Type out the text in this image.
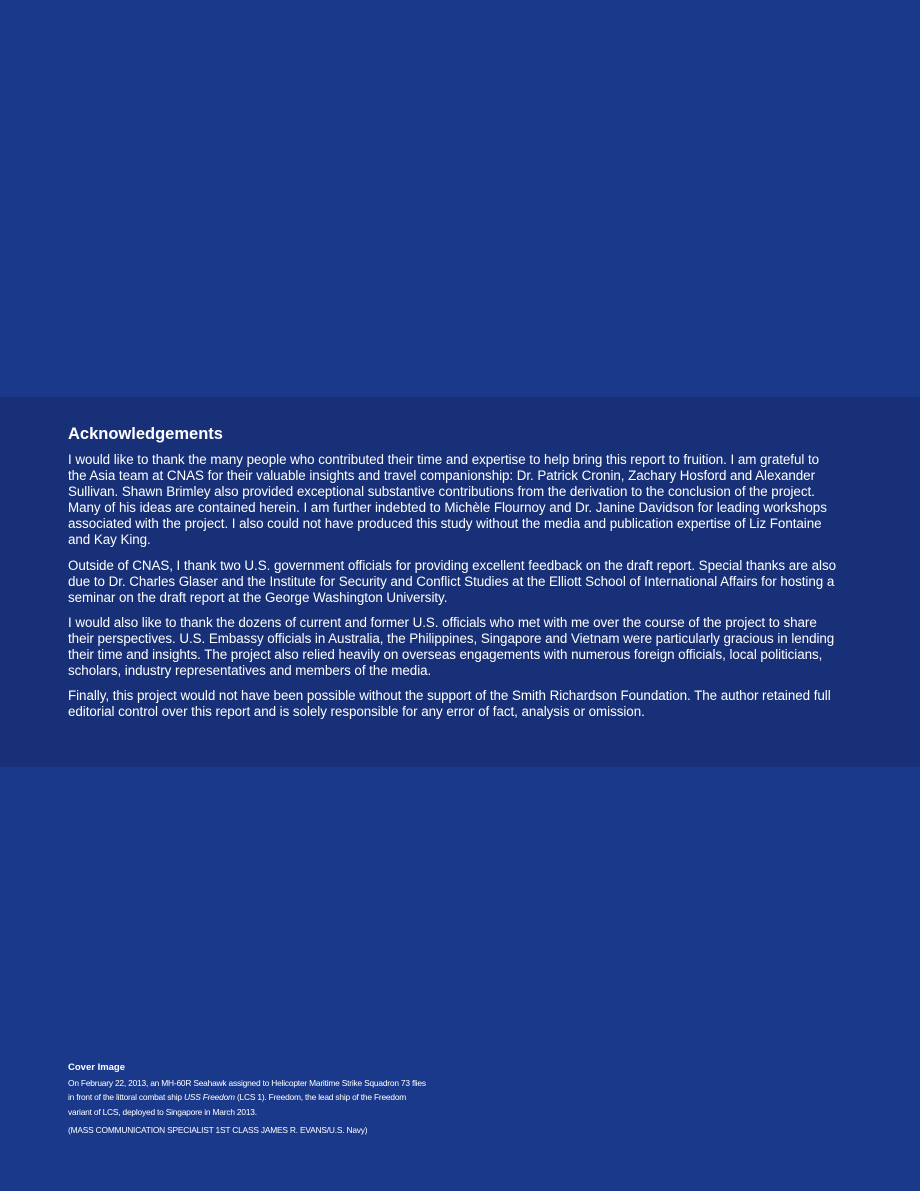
Acknowledgements

I would like to thank the many people who contributed their time and expertise to help bring this report to fruition. I am grateful to the Asia team at CNAS for their valuable insights and travel companionship: Dr. Patrick Cronin, Zachary Hosford and Alexander Sullivan. Shawn Brimley also provided exceptional substantive contributions from the derivation to the conclusion of the project. Many of his ideas are contained herein. I am further indebted to Michèle Flournoy and Dr. Janine Davidson for leading workshops associated with the project. I also could not have produced this study without the media and publication expertise of Liz Fontaine and Kay King.

Outside of CNAS, I thank two U.S. government officials for providing excellent feedback on the draft report. Special thanks are also due to Dr. Charles Glaser and the Institute for Security and Conflict Studies at the Elliott School of International Affairs for hosting a seminar on the draft report at the George Washington University.

I would also like to thank the dozens of current and former U.S. officials who met with me over the course of the project to share their perspectives. U.S. Embassy officials in Australia, the Philippines, Singapore and Vietnam were particularly gracious in lending their time and insights. The project also relied heavily on overseas engagements with numerous foreign officials, local politicians, scholars, industry representatives and members of the media.

Finally, this project would not have been possible without the support of the Smith Richardson Foundation. The author retained full editorial control over this report and is solely responsible for any error of fact, analysis or omission.

Cover Image

On February 22, 2013, an MH-60R Seahawk assigned to Helicopter Maritime Strike Squadron 73 flies in front of the littoral combat ship USS Freedom (LCS 1). Freedom, the lead ship of the Freedom variant of LCS, deployed to Singapore in March 2013.

(MASS COMMUNICATION SPECIALIST 1ST CLASS JAMES R. EVANS/U.S. Navy)
